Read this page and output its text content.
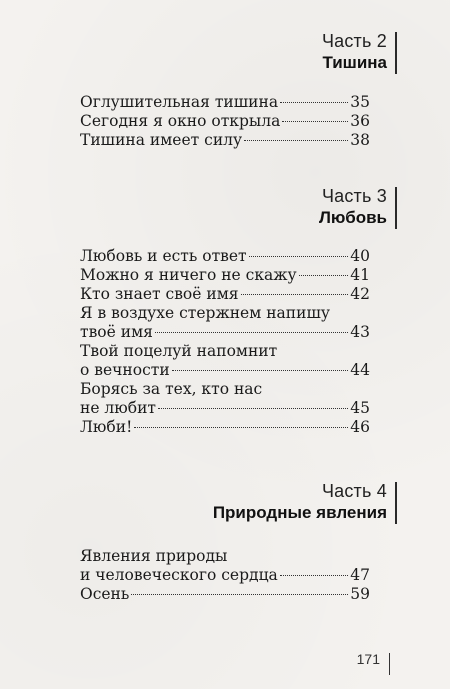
Часть 2
Тишина
Оглушительная тишина	35
Сегодня я окно открыла	36
Тишина имеет силу	38
Часть 3
Любовь
Любовь и есть ответ	40
Можно я ничего не скажу	41
Кто знает своё имя	42
Я в воздухе стержнем напишу
твоё имя	43
Твой поцелуй напомнит
о вечности	44
Борясь за тех, кто нас
не любит	45
Люби!	46
Часть 4
Природные явления
Явления природы
и человеческого сердца	47
Осень	59
171
